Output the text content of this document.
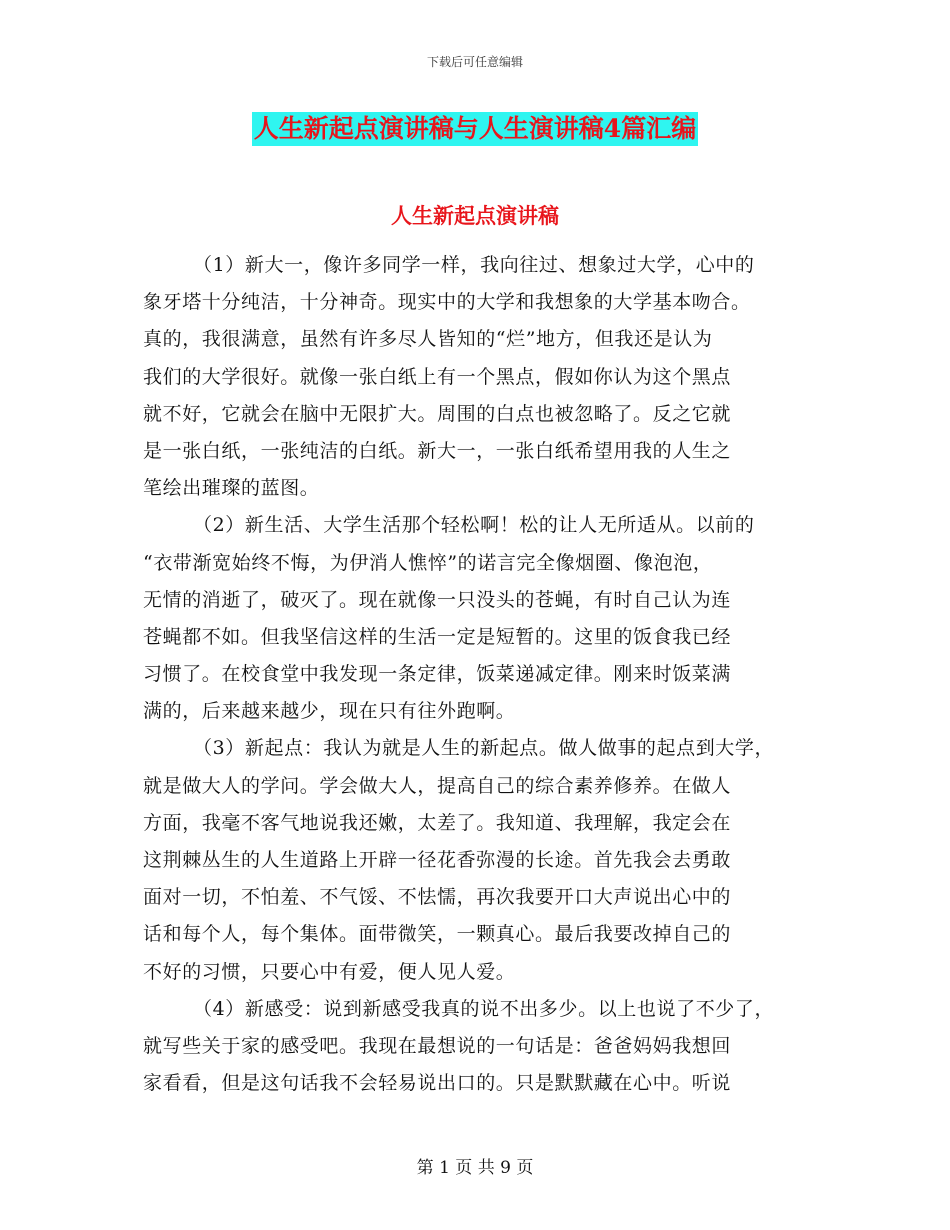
下载后可任意编辑
人生新起点演讲稿与人生演讲稿4篇汇编
人生新起点演讲稿
（1）新大一，像许多同学一样，我向往过、想象过大学，心中的
象牙塔十分纯洁，十分神奇。现实中的大学和我想象的大学基本吻合。
真的，我很满意，虽然有许多尽人皆知的“烂”地方，但我还是认为
我们的大学很好。就像一张白纸上有一个黑点，假如你认为这个黑点
就不好，它就会在脑中无限扩大。周围的白点也被忽略了。反之它就
是一张白纸，一张纯洁的白纸。新大一，一张白纸希望用我的人生之
笔绘出璀璨的蓝图。
（2）新生活、大学生活那个轻松啊！松的让人无所适从。以前的
“衣带渐宽始终不悔，为伊消人憔悴”的诺言完全像烟圈、像泡泡，
无情的消逝了，破灭了。现在就像一只没头的苍蝇，有时自己认为连
苍蝇都不如。但我坚信这样的生活一定是短暂的。这里的饭食我已经
习惯了。在校食堂中我发现一条定律，饭菜递减定律。刚来时饭菜满
满的，后来越来越少，现在只有往外跑啊。
（3）新起点：我认为就是人生的新起点。做人做事的起点到大学，
就是做大人的学问。学会做大人，提高自己的综合素养修养。在做人
方面，我毫不客气地说我还嫩，太差了。我知道、我理解，我定会在
这荆棘丛生的人生道路上开辟一径花香弥漫的长途。首先我会去勇敢
面对一切，不怕羞、不气馁、不怯懦，再次我要开口大声说出心中的
话和每个人，每个集体。面带微笑，一颗真心。最后我要改掉自己的
不好的习惯，只要心中有爱，便人见人爱。
（4）新感受：说到新感受我真的说不出多少。以上也说了不少了，
就写些关于家的感受吧。我现在最想说的一句话是：爸爸妈妈我想回
家看看，但是这句话我不会轻易说出口的。只是默默藏在心中。听说
第 1 页 共 9 页
